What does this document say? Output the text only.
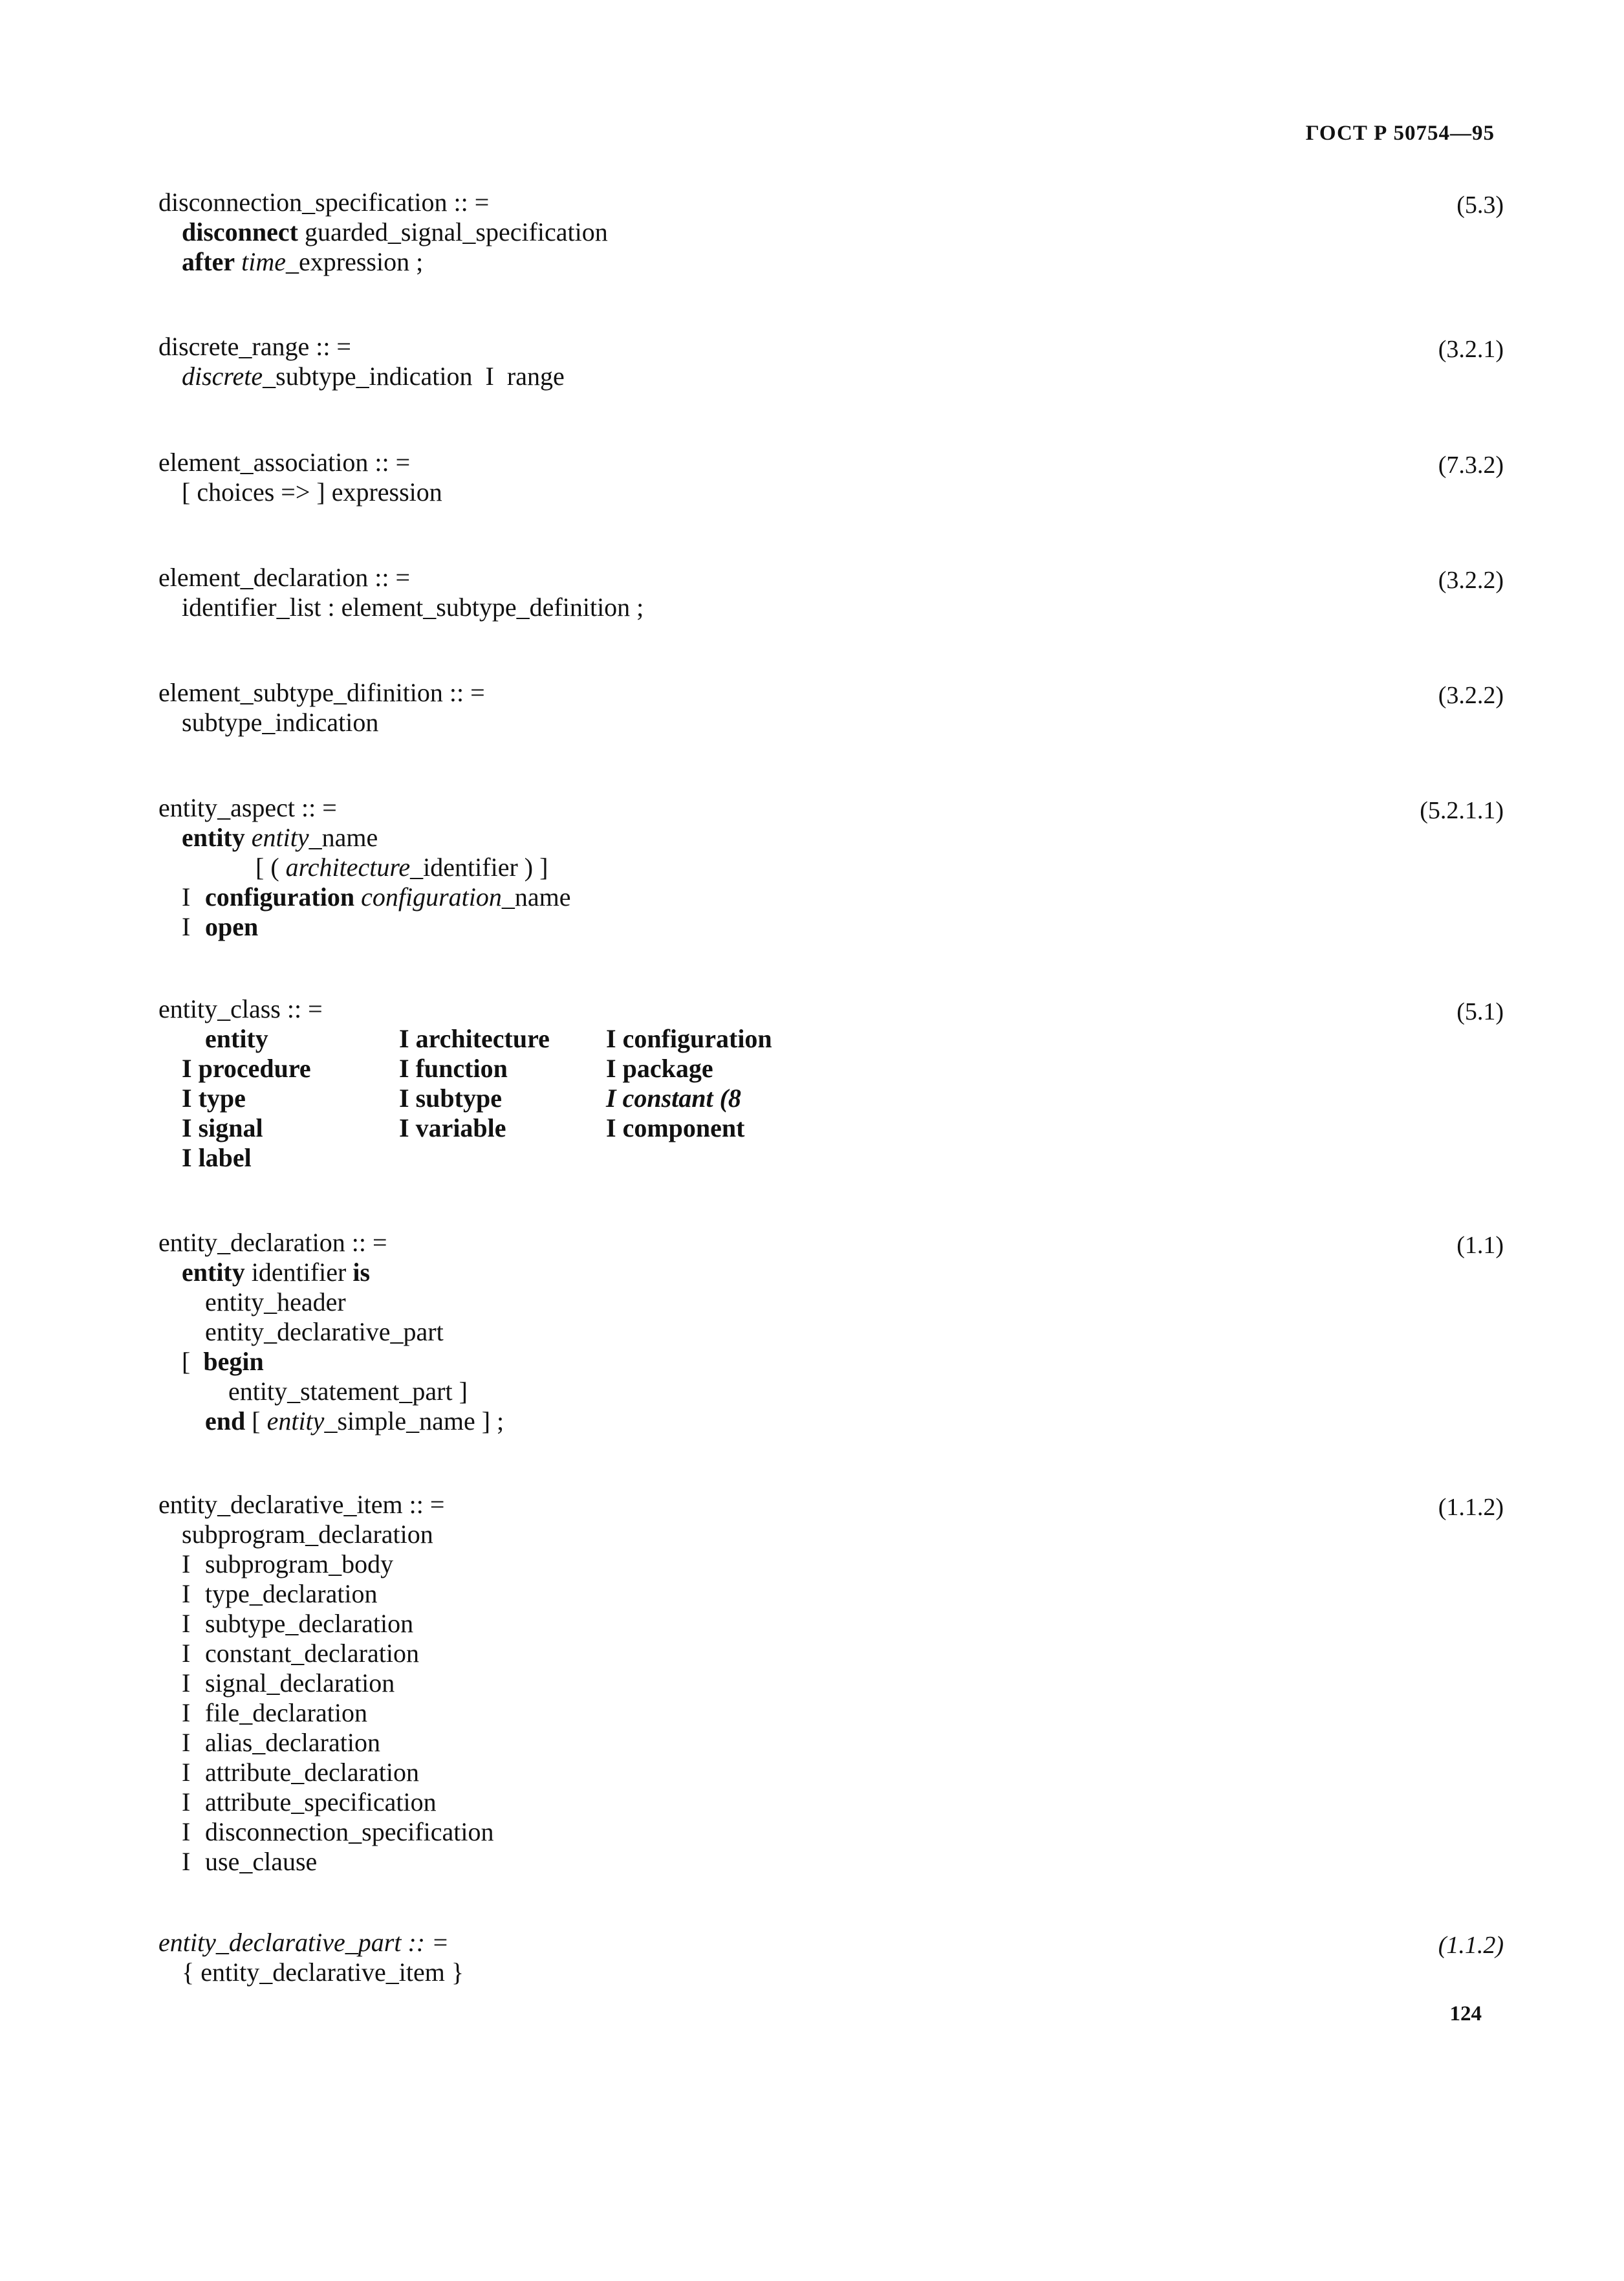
ГОСТ Р 50754—95
disconnection_specification :: =	(5.3)
disconnect guarded_signal_specification
after time_expression ;
discrete_range :: =	(3.2.1)
discrete_subtype_indication I range
element_association :: =	(7.3.2)
[ choices => ] expression
element_declaration :: =	(3.2.2)
identifier_list : element_subtype_definition ;
element_subtype_difinition :: =	(3.2.2)
subtype_indication
entity_aspect :: =	(5.2.1.1)
entity entity_name
[ ( architecture_identifier ) ]
I configuration configuration_name
I open
entity_class :: =	(5.1)
entity	I architecture	I configuration
I procedure	I function	I package
I type	I subtype	I constant (8
I signal	I variable	I component
I label		
entity_declaration :: =	(1.1)
entity identifier is
entity_header
entity_declarative_part
[ begin
entity_statement_part ]
end [ entity_simple_name ] ;
entity_declarative_item :: =	(1.1.2)
subprogram_declaration
I subprogram_body
I type_declaration
I subtype_declaration
I constant_declaration
I signal_declaration
I file_declaration
I alias_declaration
I attribute_declaration
I attribute_specification
I disconnection_specification
I use_clause
entity_declarative_part :: =	(1.1.2)
{ entity_declarative_item }
124
